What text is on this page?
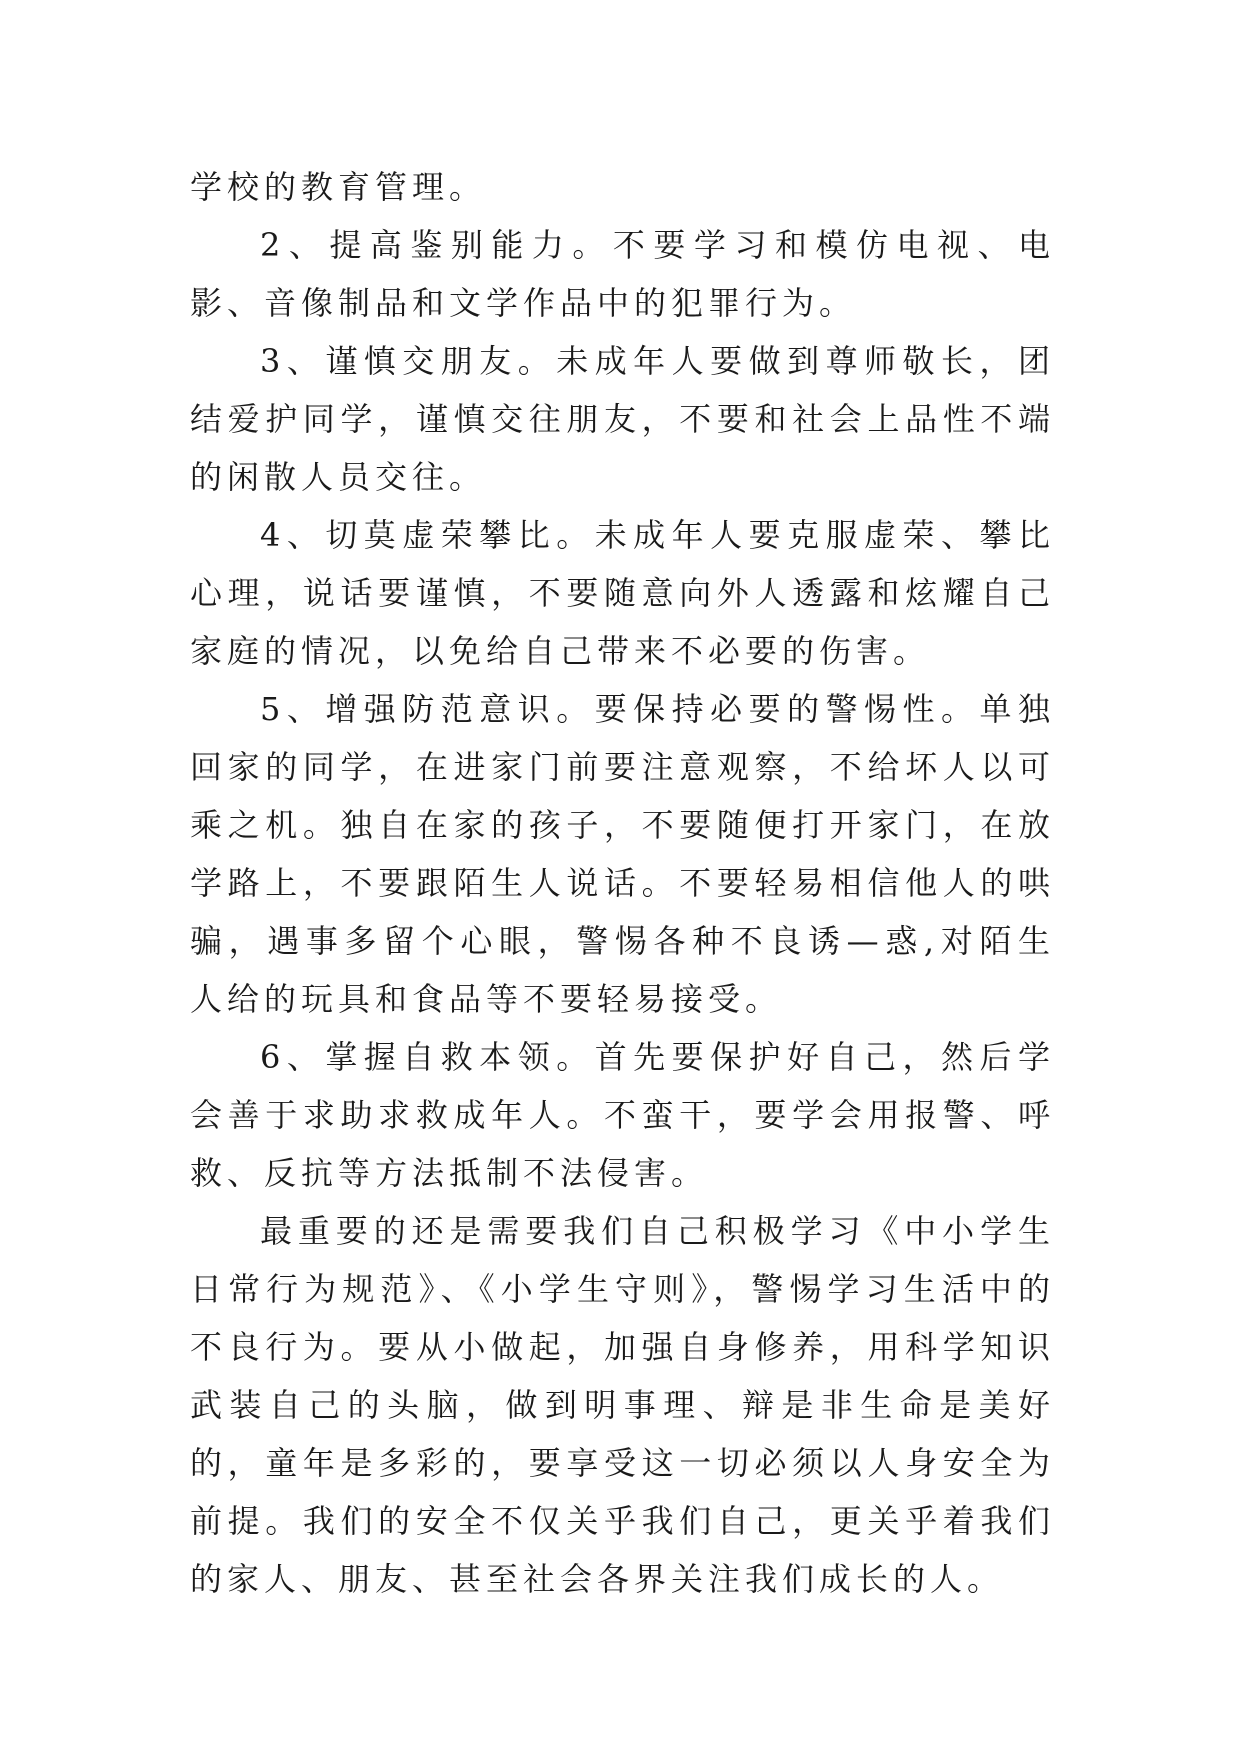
学校的教育管理。

2、提高鉴别能力。不要学习和模仿电视、电影、音像制品和文学作品中的犯罪行为。

3、谨慎交朋友。未成年人要做到尊师敬长，团结爱护同学，谨慎交往朋友，不要和社会上品性不端的闲散人员交往。

4、切莫虚荣攀比。未成年人要克服虚荣、攀比心理，说话要谨慎，不要随意向外人透露和炫耀自己家庭的情况，以免给自己带来不必要的伤害。

5、增强防范意识。要保持必要的警惕性。单独回家的同学，在进家门前要注意观察，不给坏人以可乘之机。独自在家的孩子，不要随便打开家门，在放学路上，不要跟陌生人说话。不要轻易相信他人的哄骗，遇事多留个心眼，警惕各种不良诱—惑,对陌生人给的玩具和食品等不要轻易接受。

6、掌握自救本领。首先要保护好自己，然后学会善于求助求救成年人。不蛮干，要学会用报警、呼救、反抗等方法抵制不法侵害。

最重要的还是需要我们自己积极学习《中小学生日常行为规范》、《小学生守则》，警惕学习生活中的不良行为。要从小做起，加强自身修养，用科学知识武装自己的头脑，做到明事理、辩是非生命是美好的，童年是多彩的，要享受这一切必须以人身安全为前提。我们的安全不仅关乎我们自己，更关乎着我们的家人、朋友、甚至社会各界关注我们成长的人。
